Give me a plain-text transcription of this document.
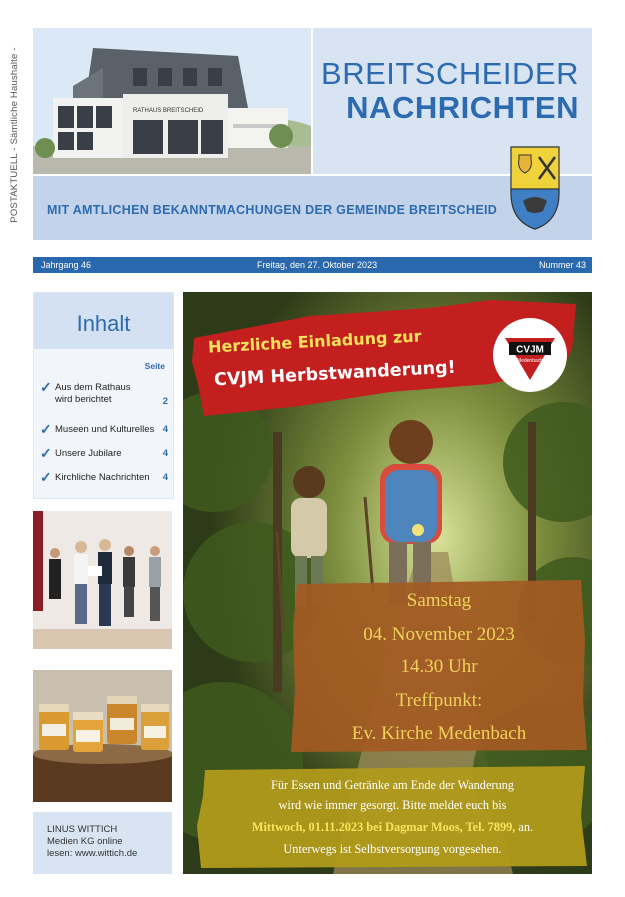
POSTAKTUELL - Sämtliche Haushalte -	RATHAUS BREITSCHEID
BREITSCHEIDER
NACHRICHTEN
MIT AMTLICHEN BEKANNTMACHUNGEN DER GEMEINDE BREITSCHEID
Jahrgang 46	Freitag, den 27. Oktober 2023	Nummer 43
Inhalt
Seite
✓ Aus dem Rathaus wird berichtet	2
✓ Museen und Kulturelles 4
✓ Unsere Jubilare	4
✓ Kirchliche Nachrichten	4
LINUS WITTICH
Medien KG online
lesen: www.wittich.de
Herzliche Einladung zur
CVJM Herbstwanderung!
CVJM
Medenbach
Samstag
04. November 2023
14.30 Uhr
Treffpunkt:
Ev. Kirche Medenbach
Für Essen und Getränke am Ende der Wanderung
wird wie immer gesorgt. Bitte meldet euch bis
Mittwoch, 01.11.2023 bei Dagmar Moos, Tel. 7899, an.
Unterwegs ist Selbstversorgung vorgesehen.
